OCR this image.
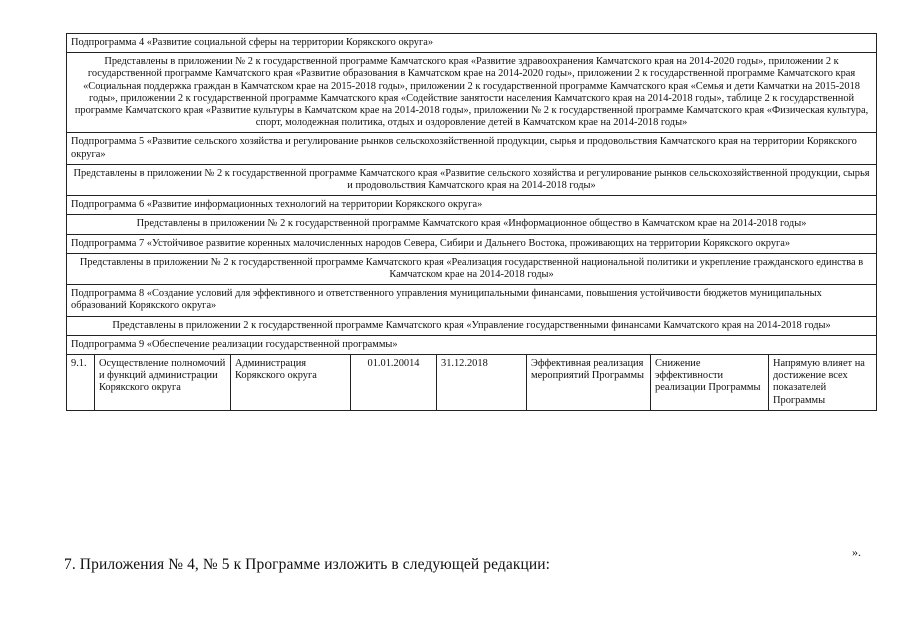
Подпрограмма 4 «Развитие социальной сферы на территории Корякского округа»
Представлены в приложении № 2 к государственной программе Камчатского края «Развитие здравоохранения Камчатского края на 2014-2020 годы», приложении 2 к государственной программе Камчатского края «Развитие образования в Камчатском крае на 2014-2020 годы», приложении 2 к государственной программе Камчатского края «Социальная поддержка граждан в Камчатском крае на 2015-2018 годы», приложении 2 к государственной программе Камчатского края «Семья и дети Камчатки на 2015-2018 годы», приложении 2 к государственной программе Камчатского края «Содействие занятости населения Камчатского края на 2014-2018 годы», таблице 2 к государственной программе Камчатского края «Развитие культуры в Камчатском крае на 2014-2018 годы», приложении № 2 к государственной программе Камчатского края «Физическая культура, спорт, молодежная политика, отдых и оздоровление детей в Камчатском крае на 2014-2018 годы»
Подпрограмма 5 «Развитие сельского хозяйства и регулирование рынков сельскохозяйственной продукции, сырья и продовольствия Камчатского края на территории Корякского округа»
Представлены в приложении № 2 к государственной программе Камчатского края «Развитие сельского хозяйства и регулирование рынков сельскохозяйственной продукции, сырья и продовольствия Камчатского края на 2014-2018 годы»
Подпрограмма 6 «Развитие информационных технологий на территории Корякского округа»
Представлены в приложении № 2 к государственной программе Камчатского края «Информационное общество в Камчатском крае на 2014-2018 годы»
Подпрограмма 7 «Устойчивое развитие коренных малочисленных народов Севера, Сибири и Дальнего Востока, проживающих на территории Корякского округа»
Представлены в приложении № 2 к государственной программе Камчатского края «Реализация государственной национальной политики и укрепление гражданского единства в Камчатском крае на 2014-2018 годы»
Подпрограмма 8 «Создание условий для эффективного и ответственного управления муниципальными финансами, повышения устойчивости бюджетов муниципальных образований Корякского округа»
Представлены в приложении 2 к государственной программе Камчатского края «Управление государственными финансами Камчатского края на 2014-2018 годы»
Подпрограмма 9 «Обеспечение реализации государственной программы»
9.1.	Осуществление полномочий и функций администрации Корякского округа	Администрация Корякского округа	01.01.20014	31.12.2018	Эффективная реализация мероприятий Программы	Снижение эффективности реализации Программы	Напрямую влияет на достижение всех показателей Программы
».
7. Приложения № 4, № 5 к Программе изложить в следующей редакции:
